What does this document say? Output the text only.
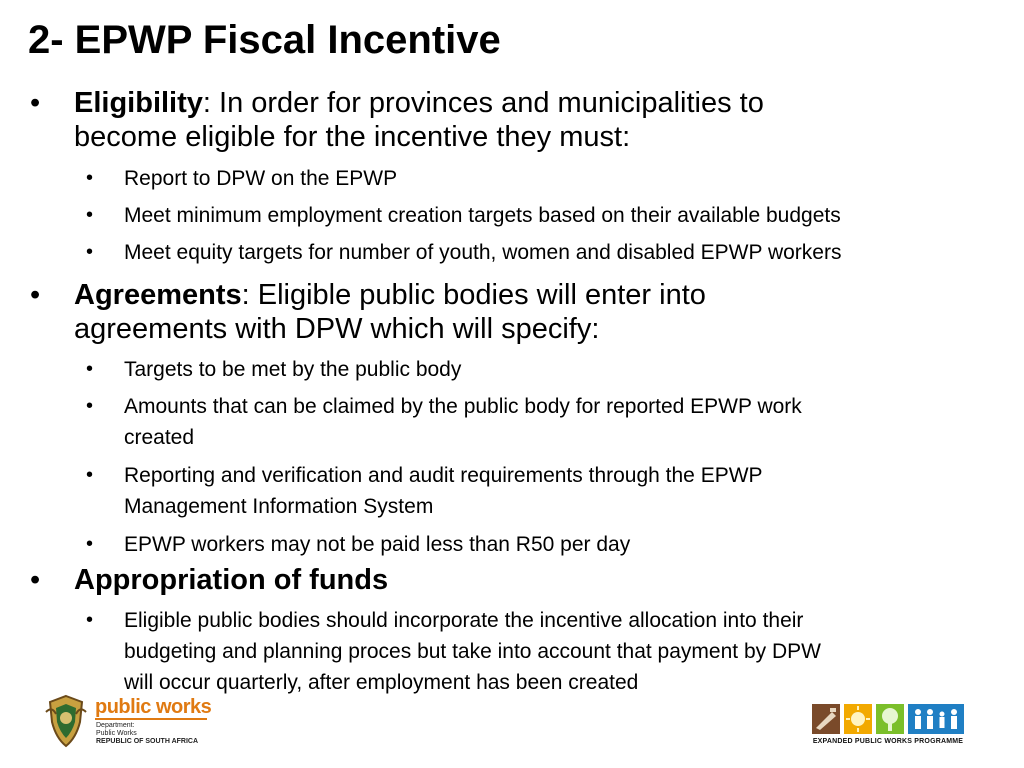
2- EPWP Fiscal Incentive
• Eligibility: In order for provinces and municipalities to
become eligible for the incentive they must:
• Report to DPW on the EPWP
• Meet minimum employment creation targets based on their available budgets
• Meet equity targets for number of youth, women and disabled EPWP workers
• Agreements: Eligible public bodies will enter into
agreements with DPW which will specify:
• Targets to be met by the public body
• Amounts that can be claimed by the public body for reported EPWP work
created
• Reporting and verification and audit requirements through the EPWP
Management Information System
• EPWP workers may not be paid less than R50 per day
• Appropriation of funds
• Eligible public bodies should incorporate the incentive allocation into their
budgeting and planning proces but take into account that payment by DPW
will occur quarterly, after employment has been created
public works
Department:
Public Works
REPUBLIC OF SOUTH AFRICA	EXPANDED PUBLIC WORKS PROGRAMME
